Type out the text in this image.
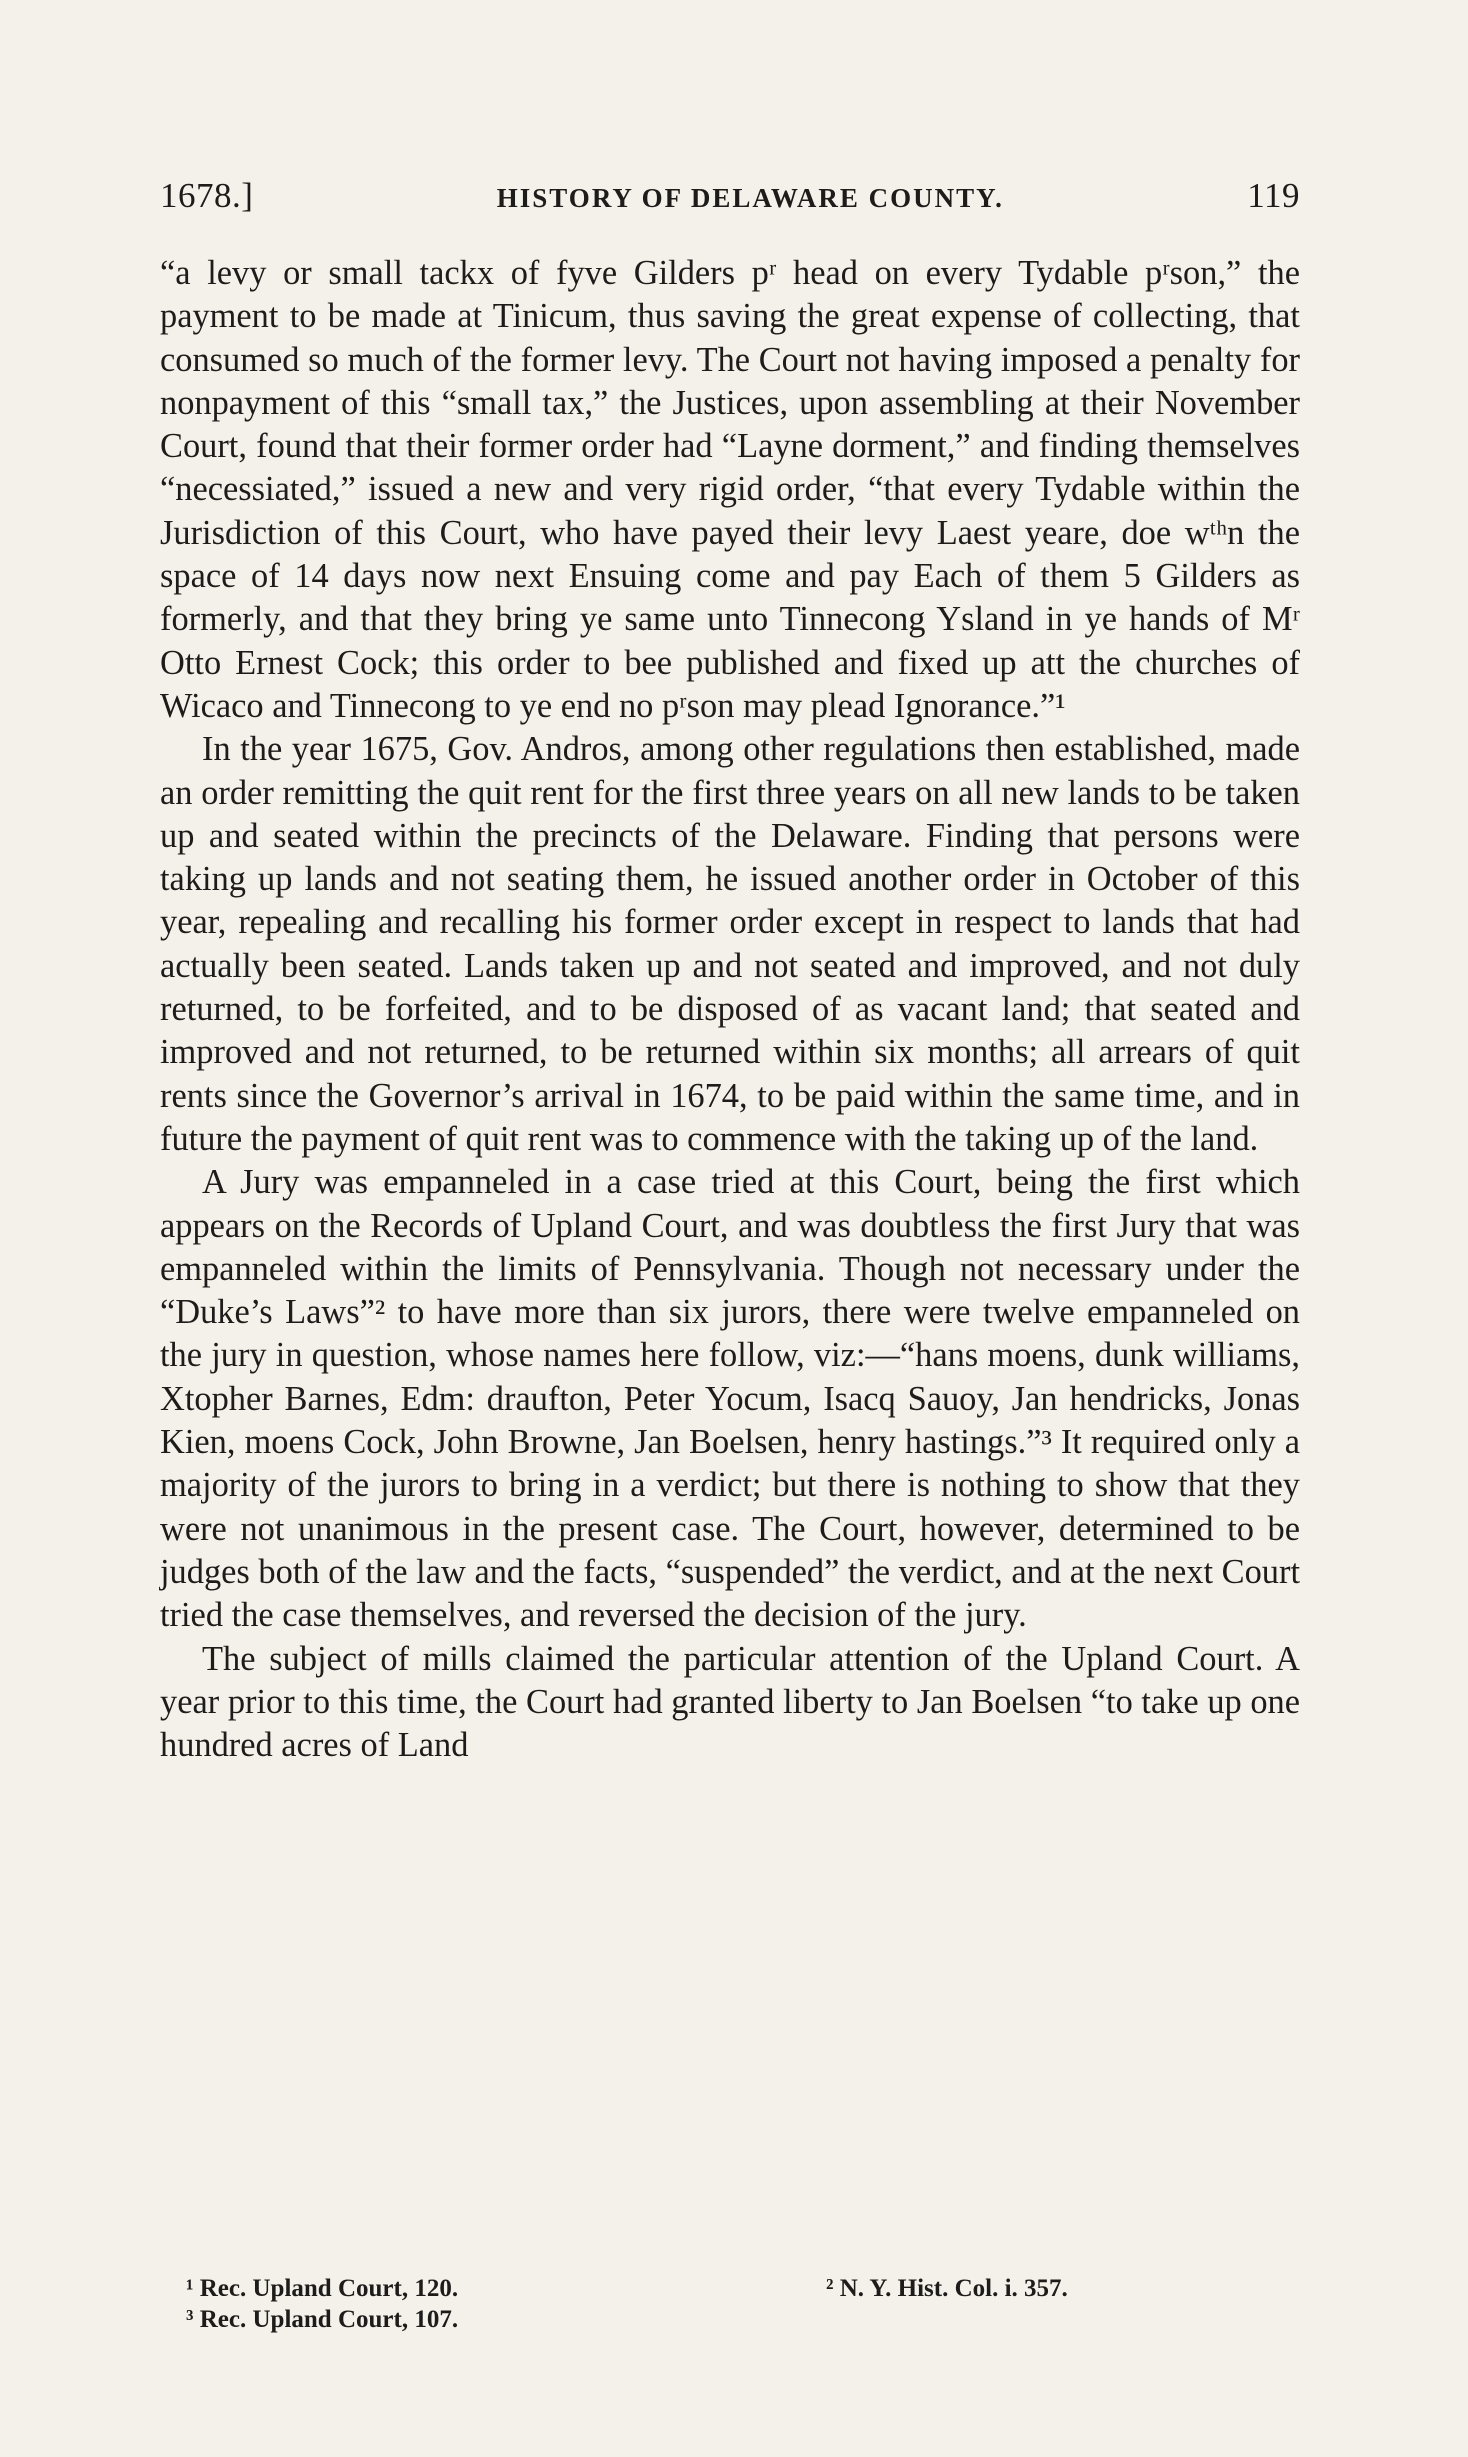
1678.]	HISTORY OF DELAWARE COUNTY.	119

“a levy or small tackx of fyve Gilders pʳ head on every Tydable pʳson,” the payment to be made at Tinicum, thus saving the great expense of collecting, that consumed so much of the former levy. The Court not having imposed a penalty for nonpayment of this “small tax,” the Justices, upon assembling at their November Court, found that their former order had “Layne dorment,” and finding themselves “necessiated,” issued a new and very rigid order, “that every Tydable within the Jurisdiction of this Court, who have payed their levy Laest yeare, doe wᵗʰn the space of 14 days now next Ensuing come and pay Each of them 5 Gilders as formerly, and that they bring ye same unto Tinnecong Ysland in ye hands of Mʳ Otto Ernest Cock; this order to bee published and fixed up att the churches of Wicaco and Tinnecong to ye end no pʳson may plead Ignorance.”¹

In the year 1675, Gov. Andros, among other regulations then established, made an order remitting the quit rent for the first three years on all new lands to be taken up and seated within the precincts of the Delaware. Finding that persons were taking up lands and not seating them, he issued another order in October of this year, repealing and recalling his former order except in respect to lands that had actually been seated. Lands taken up and not seated and improved, and not duly returned, to be forfeited, and to be disposed of as vacant land; that seated and improved and not returned, to be returned within six months; all arrears of quit rents since the Governor’s arrival in 1674, to be paid within the same time, and in future the payment of quit rent was to commence with the taking up of the land.

A Jury was empanneled in a case tried at this Court, being the first which appears on the Records of Upland Court, and was doubtless the first Jury that was empanneled within the limits of Pennsylvania. Though not necessary under the “Duke’s Laws”² to have more than six jurors, there were twelve empanneled on the jury in question, whose names here follow, viz:—“hans moens, dunk williams, Xtopher Barnes, Edm: draufton, Peter Yocum, Isacq Sauoy, Jan hendricks, Jonas Kien, moens Cock, John Browne, Jan Boelsen, henry hastings.”³ It required only a majority of the jurors to bring in a verdict; but there is nothing to show that they were not unanimous in the present case. The Court, however, determined to be judges both of the law and the facts, “suspended” the verdict, and at the next Court tried the case themselves, and reversed the decision of the jury.

The subject of mills claimed the particular attention of the Upland Court. A year prior to this time, the Court had granted liberty to Jan Boelsen “to take up one hundred acres of Land

¹ Rec. Upland Court, 120.	² N. Y. Hist. Col. i. 357.
³ Rec. Upland Court, 107.
